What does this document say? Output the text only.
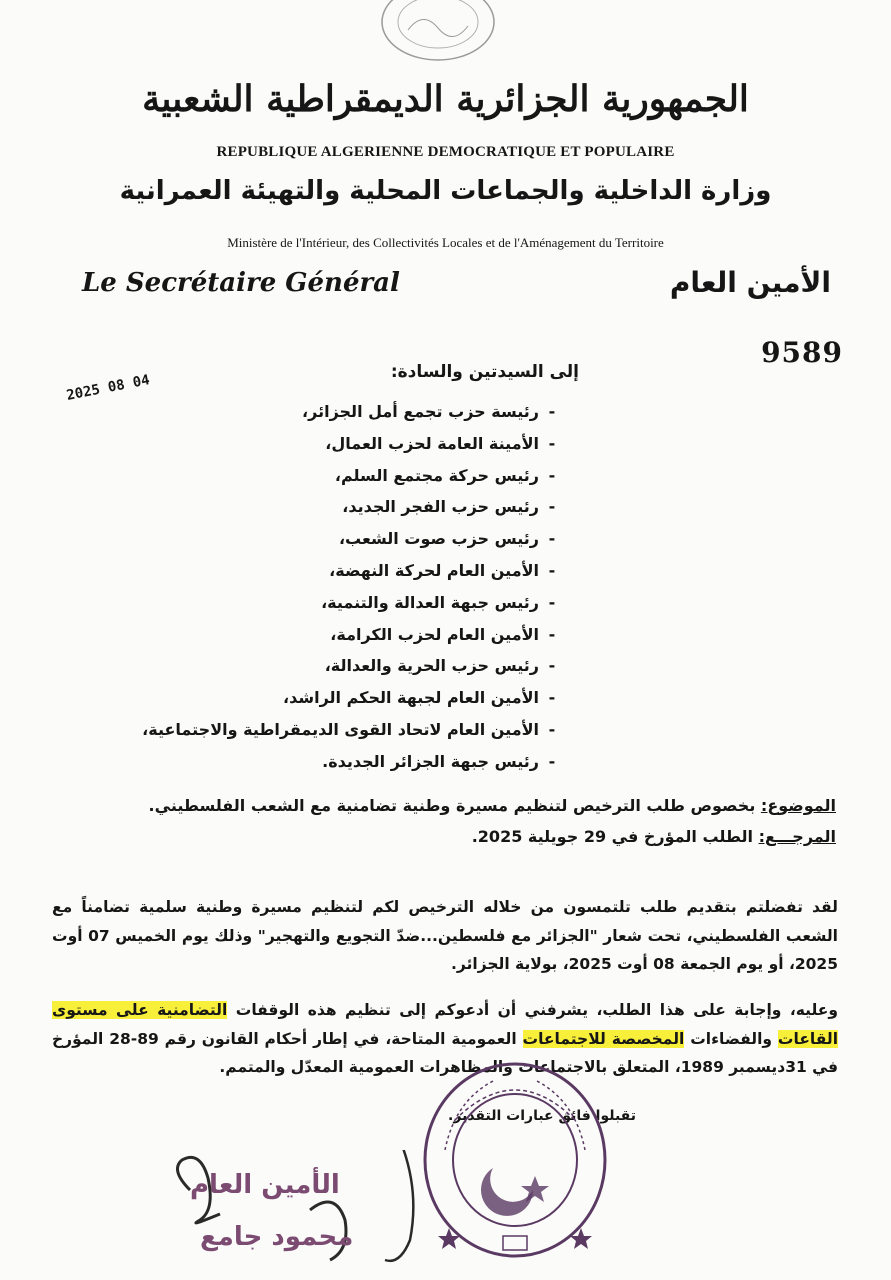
الجمهورية الجزائرية الديمقراطية الشعبية
REPUBLIQUE ALGERIENNE DEMOCRATIQUE ET POPULAIRE
وزارة الداخلية والجماعات المحلية والتهيئة العمرانية
Ministère de l'Intérieur, des Collectivités Locales et de l'Aménagement du Territoire
Le Secrétaire Général	الأمين العام
9589
2025 08 04
إلى السيدتين والسادة:
-
رئيسة حزب تجمع أمل الجزائر،
-
الأمينة العامة لحزب العمال،
-
رئيس حركة مجتمع السلم،
-
رئيس حزب الفجر الجديد،
-
رئيس حزب صوت الشعب،
-
الأمين العام لحركة النهضة،
-
رئيس جبهة العدالة والتنمية،
-
الأمين العام لحزب الكرامة،
-
رئيس حزب الحرية والعدالة،
-
الأمين العام لجبهة الحكم الراشد،
-
الأمين العام لاتحاد القوى الديمقراطية والاجتماعية،
-
رئيس جبهة الجزائر الجديدة.
الموضوع: بخصوص طلب الترخيص لتنظيم مسيرة وطنية تضامنية مع الشعب الفلسطيني.
المرجـــع: الطلب المؤرخ في 29 جويلية 2025.
لقد تفضلتم بتقديم طلب تلتمسون من خلاله الترخيص لكم لتنظيم مسيرة وطنية سلمية تضامناً مع الشعب الفلسطيني، تحت شعار "الجزائر مع فلسطين...ضدّ التجويع والتهجير" وذلك يوم الخميس 07 أوت 2025، أو يوم الجمعة 08 أوت 2025، بولاية الجزائر.
وعليه، وإجابة على هذا الطلب، يشرفني أن أدعوكم إلى تنظيم هذه الوقفات التضامنية على مستوى القاعات والفضاءات المخصصة للاجتماعات العمومية المتاحة، في إطار أحكام القانون رقم 89-28 المؤرخ في 31ديسمبر 1989، المتعلق بالاجتماعات والمظاهرات العمومية المعدّل والمتمم.
تقبلوا فائق عبارات التقدير.
الأمين العام
محمود جامع
